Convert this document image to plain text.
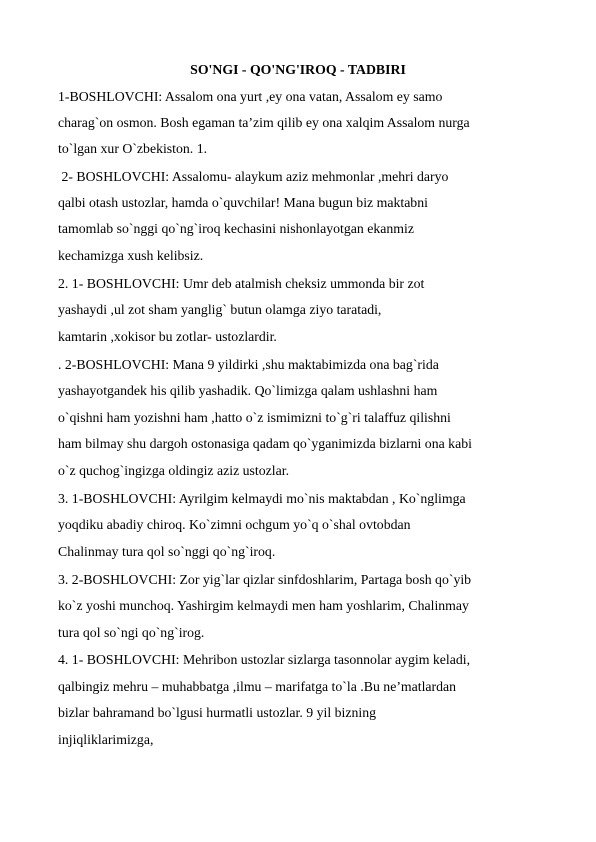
SO'NGI - QO'NG'IROQ - TADBIRI
1-BOSHLOVCHI: Assalom ona yurt ,ey ona vatan, Assalom ey samo
charag`on osmon. Bosh egaman ta’zim qilib ey ona xalqim Assalom nurga
to`lgan xur O`zbekiston. 1.
2- BOSHLOVCHI: Assalomu- alaykum aziz mehmonlar ,mehri daryo
qalbi otash ustozlar, hamda o`quvchilar! Mana bugun biz maktabni
tamomlab so`nggi qo`ng`iroq kechasini nishonlayotgan ekanmiz
kechamizga xush kelibsiz.
2. 1- BOSHLOVCHI: Umr deb atalmish cheksiz ummonda bir zot
yashaydi ,ul zot sham yanglig` butun olamga ziyo taratadi,
kamtarin ,xokisor bu zotlar- ustozlardir.
. 2-BOSHLOVCHI: Mana 9 yildirki ,shu maktabimizda ona bag`rida
yashayotgandek his qilib yashadik. Qo`limizga qalam ushlashni ham
o`qishni ham yozishni ham ,hatto o`z ismimizni to`g`ri talaffuz qilishni
ham bilmay shu dargoh ostonasiga qadam qo`yganimizda bizlarni ona kabi
o`z quchog`ingizga oldingiz aziz ustozlar.
3. 1-BOSHLOVCHI: Ayrilgim kelmaydi mo`nis maktabdan , Ko`nglimga
yoqdiku abadiy chiroq. Ko`zimni ochgum yo`q o`shal ovtobdan
Chalinmay tura qol so`nggi qo`ng`iroq.
3. 2-BOSHLOVCHI: Zor yig`lar qizlar sinfdoshlarim, Partaga bosh qo`yib
ko`z yoshi munchoq. Yashirgim kelmaydi men ham yoshlarim, Chalinmay
tura qol so`ngi qo`ng`irog.
4. 1- BOSHLOVCHI: Mehribon ustozlar sizlarga tasonnolar aygim keladi,
qalbingiz mehru – muhabbatga ,ilmu – marifatga to`la .Bu ne’matlardan
bizlar bahramand bo`lgusi hurmatli ustozlar. 9 yil bizning
injiqliklarimizga,
